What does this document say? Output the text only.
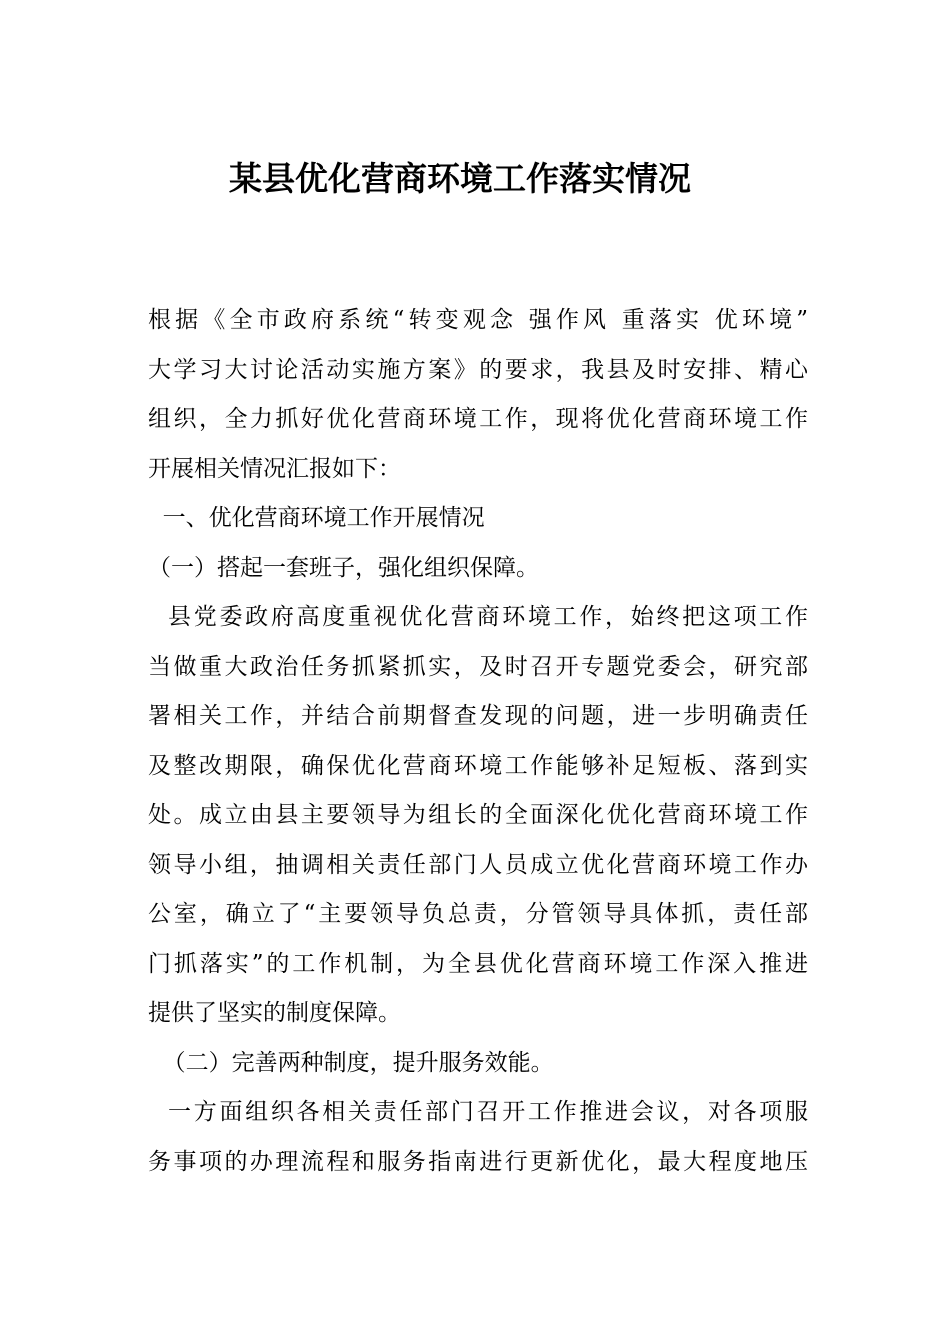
某县优化营商环境工作落实情况
根据《全市政府系统“转变观念 强作风 重落实 优环境”
大学习大讨论活动实施方案》的要求，我县及时安排、精心
组织，全力抓好优化营商环境工作，现将优化营商环境工作
开展相关情况汇报如下：
一、优化营商环境工作开展情况
（一）搭起一套班子，强化组织保障。
县党委政府高度重视优化营商环境工作，始终把这项工作
当做重大政治任务抓紧抓实，及时召开专题党委会，研究部
署相关工作，并结合前期督查发现的问题，进一步明确责任
及整改期限，确保优化营商环境工作能够补足短板、落到实
处。成立由县主要领导为组长的全面深化优化营商环境工作
领导小组，抽调相关责任部门人员成立优化营商环境工作办
公室，确立了“主要领导负总责，分管领导具体抓，责任部
门抓落实”的工作机制，为全县优化营商环境工作深入推进
提供了坚实的制度保障。
（二）完善两种制度，提升服务效能。
一方面组织各相关责任部门召开工作推进会议，对各项服
务事项的办理流程和服务指南进行更新优化，最大程度地压
